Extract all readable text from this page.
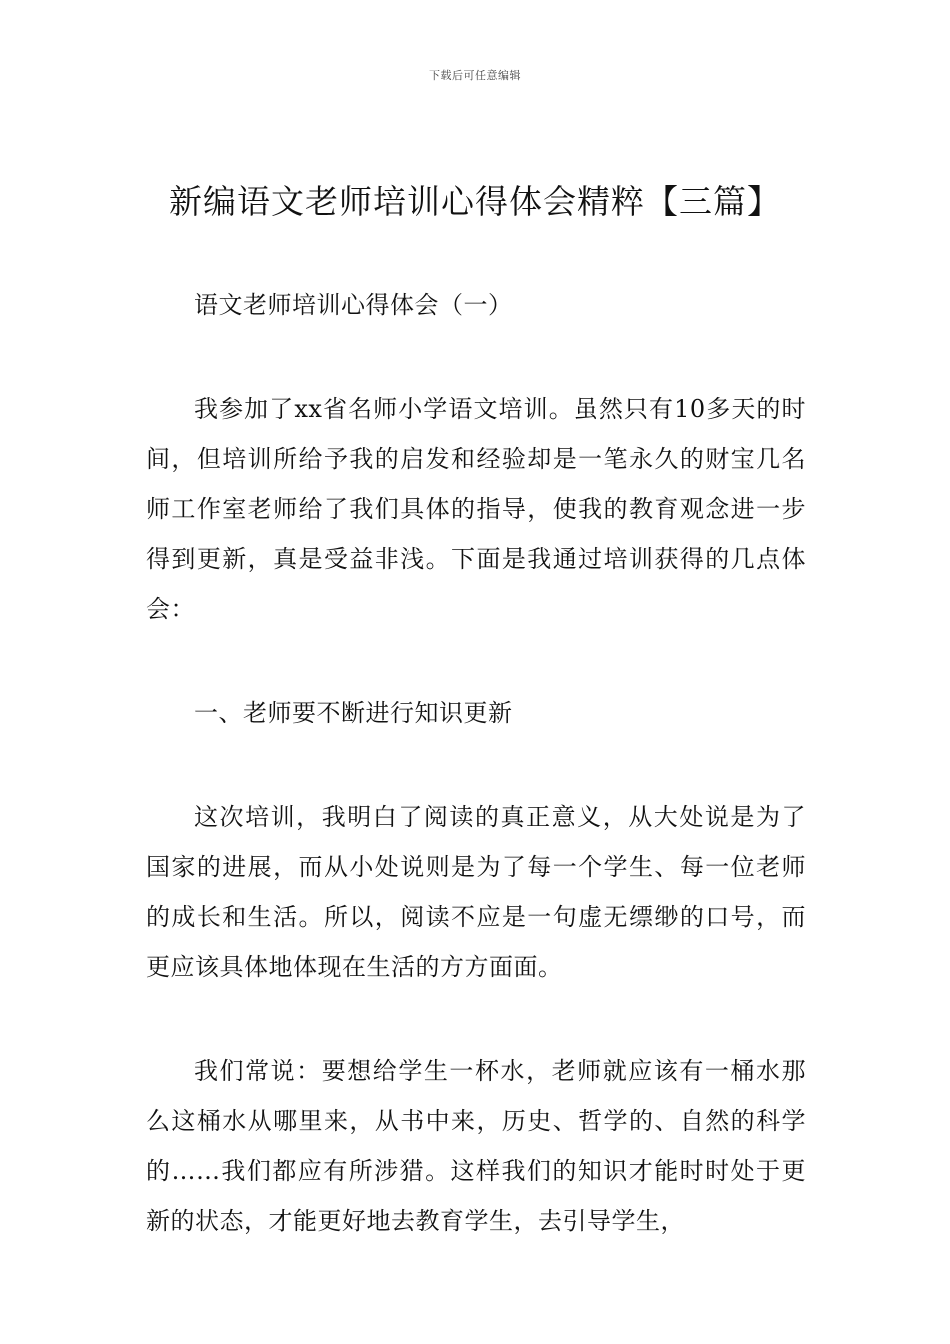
下载后可任意编辑
新编语文老师培训心得体会精粹【三篇】

语文老师培训心得体会（一）

我参加了xx省名师小学语文培训。虽然只有10多天的时间，但培训所给予我的启发和经验却是一笔永久的财宝几名师工作室老师给了我们具体的指导，使我的教育观念进一步得到更新，真是受益非浅。下面是我通过培训获得的几点体会：

一、老师要不断进行知识更新

这次培训，我明白了阅读的真正意义，从大处说是为了国家的进展，而从小处说则是为了每一个学生、每一位老师的成长和生活。所以，阅读不应是一句虚无缥缈的口号，而更应该具体地体现在生活的方方面面。

我们常说：要想给学生一杯水，老师就应该有一桶水那么这桶水从哪里来，从书中来，历史、哲学的、自然的科学的……我们都应有所涉猎。这样我们的知识才能时时处于更新的状态，才能更好地去教育学生，去引导学生，
